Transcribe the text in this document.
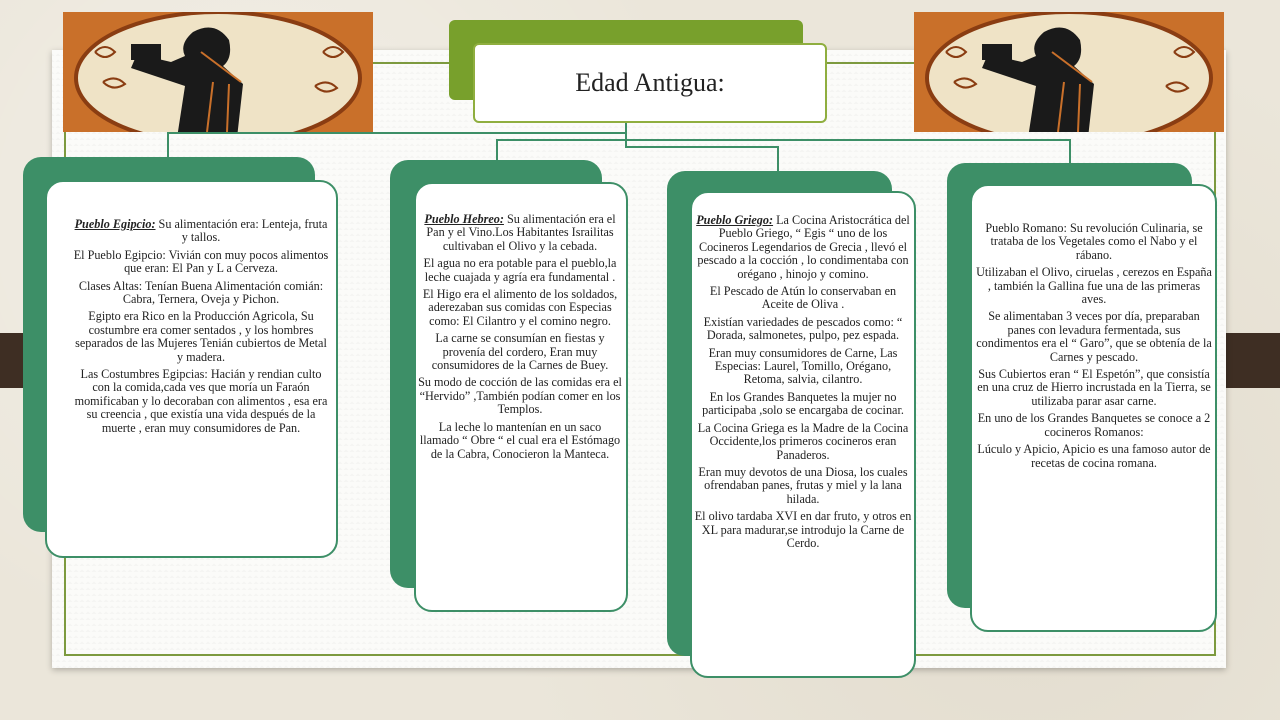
Edad Antigua:

Pueblo Egipcio: Su alimentación era: Lenteja, fruta y tallos.

El Pueblo Egipcio: Vivián con muy pocos alimentos que eran: El Pan y L a Cerveza.

Clases Altas: Tenían Buena Alimentación comián: Cabra, Ternera, Oveja y Pichon.

Egipto era Rico en la Producción Agricola, Su costumbre era comer sentados , y los hombres separados de las Mujeres Tenián cubiertos de Metal y madera.

Las Costumbres Egipcias: Hacián y rendian culto con la comida,cada ves que moría un Faraón momificaban y lo decoraban con alimentos , esa era su creencia , que existía una vida después de la muerte , eran muy consumidores de Pan.

Pueblo Hebreo: Su alimentación era el Pan y el Vino.Los Habitantes Israilitas cultivaban el Olivo y la cebada.

El agua no era potable para el pueblo,la leche cuajada y agría era fundamental .

El Higo era el alimento de los soldados, aderezaban sus comidas con Especias como: El Cilantro y el comino negro.

La carne se consumían en fiestas y provenía del cordero, Eran muy consumidores de la Carnes de Buey.

Su modo de cocción de las comidas era el “Hervido” ,También podían comer en los Templos.

La leche lo mantenían en un saco llamado “ Obre “ el cual era el Estómago de la Cabra, Conocieron la Manteca.

Pueblo Griego: La Cocina Aristocrática del Pueblo Griego, “ Egis “ uno de los Cocineros Legendarios de Grecia , llevó el pescado a la cocción , lo condimentaba con orégano , hinojo y comino.

El Pescado de Atún lo conservaban en Aceite de Oliva .

Existían variedades de pescados como: “ Dorada, salmonetes, pulpo, pez espada.

Eran muy consumidores de Carne, Las Especias: Laurel, Tomillo, Orégano, Retoma, salvia, cilantro.

En los Grandes Banquetes la mujer no participaba ,solo se encargaba de cocinar.

La Cocina Griega es la Madre de la Cocina Occidente,los primeros cocineros eran Panaderos.

Eran muy devotos de una Diosa, los cuales ofrendaban panes, frutas y miel y la lana hilada.

El olivo tardaba XVI en dar fruto, y otros en XL para madurar,se introdujo la Carne de Cerdo.

Pueblo Romano: Su revolución Culinaria, se trataba de los Vegetales como el Nabo y el rábano.

Utilizaban el Olivo, ciruelas , cerezos en España , también la Gallina fue una de las primeras aves.

Se alimentaban 3 veces por día, preparaban panes con levadura fermentada, sus condimentos era el “ Garo”, que se obtenía de la Carnes y pescado.

Sus Cubiertos eran “ El Espetón”, que consistía en una cruz de Hierro incrustada en la Tierra, se utilizaba parar asar carne.

En uno de los Grandes Banquetes se conoce a 2 cocineros Romanos:

Lúculo y Apicio, Apicio es una famoso autor de recetas de cocina romana.
